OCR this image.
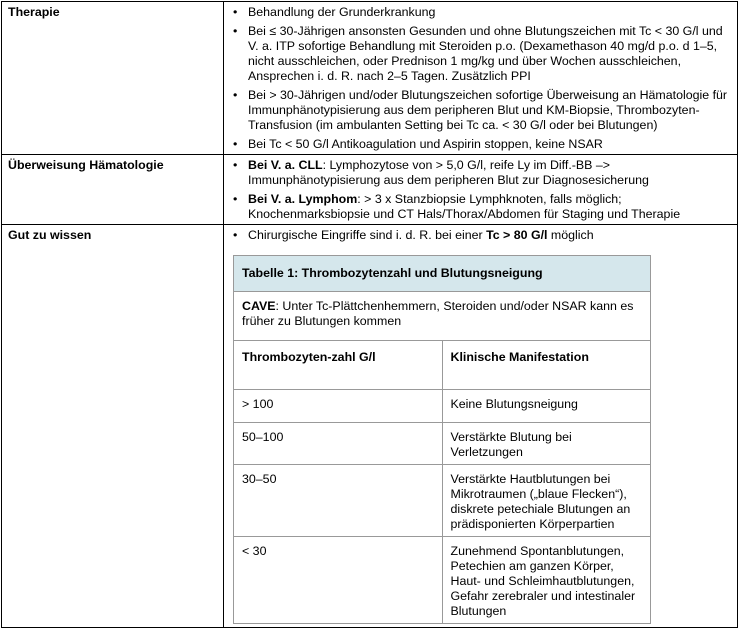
Therapie	• Behandlung der Grunderkrankung
• Bei ≤ 30-Jährigen ansonsten Gesunden und ohne Blutungszeichen mit Tc < 30 G/l und V. a. ITP sofortige Behandlung mit Steroiden p.o. (Dexamethason 40 mg/d p.o. d 1–5, nicht ausschleichen, oder Prednison 1 mg/kg und über Wochen ausschleichen, Ansprechen i. d. R. nach 2–5 Tagen. Zusätzlich PPI
• Bei > 30-Jährigen und/oder Blutungszeichen sofortige Überweisung an Hämatologie für Immunphänotypisierung aus dem peripheren Blut und KM-Biopsie, Thrombozyten-Transfusion (im ambulanten Setting bei Tc ca. < 30 G/l oder bei Blutungen)
• Bei Tc < 50 G/l Antikoagulation und Aspirin stoppen, keine NSAR

Überweisung Hämatologie	• Bei V. a. CLL: Lymphozytose von > 5,0 G/l, reife Ly im Diff.-BB –> Immunphänotypisierung aus dem peripheren Blut zur Diagnosesicherung
• Bei V. a. Lymphom: > 3 x Stanzbiopsie Lymphknoten, falls möglich; Knochenmarksbiopsie und CT Hals/Thorax/Abdomen für Staging und Therapie

Gut zu wissen	• Chirurgische Eingriffe sind i. d. R. bei einer Tc > 80 G/l möglich
Tabelle 1: Thrombozytenzahl und Blutungsneigung
CAVE: Unter Tc-Plättchenhemmern, Steroiden und/oder NSAR kann es früher zu Blutungen kommen
Thrombozyten-zahl G/l	Klinische Manifestation
> 100	Keine Blutungsneigung
50–100	Verstärkte Blutung bei Verletzungen
30–50	Verstärkte Hautblutungen bei Mikrotraumen („blaue Flecken“), diskrete petechiale Blutungen an prädisponierten Körperpartien
< 30	Zunehmend Spontanblutungen, Petechien am ganzen Körper, Haut- und Schleimhautblutungen, Gefahr zerebraler und intestinaler Blutungen
